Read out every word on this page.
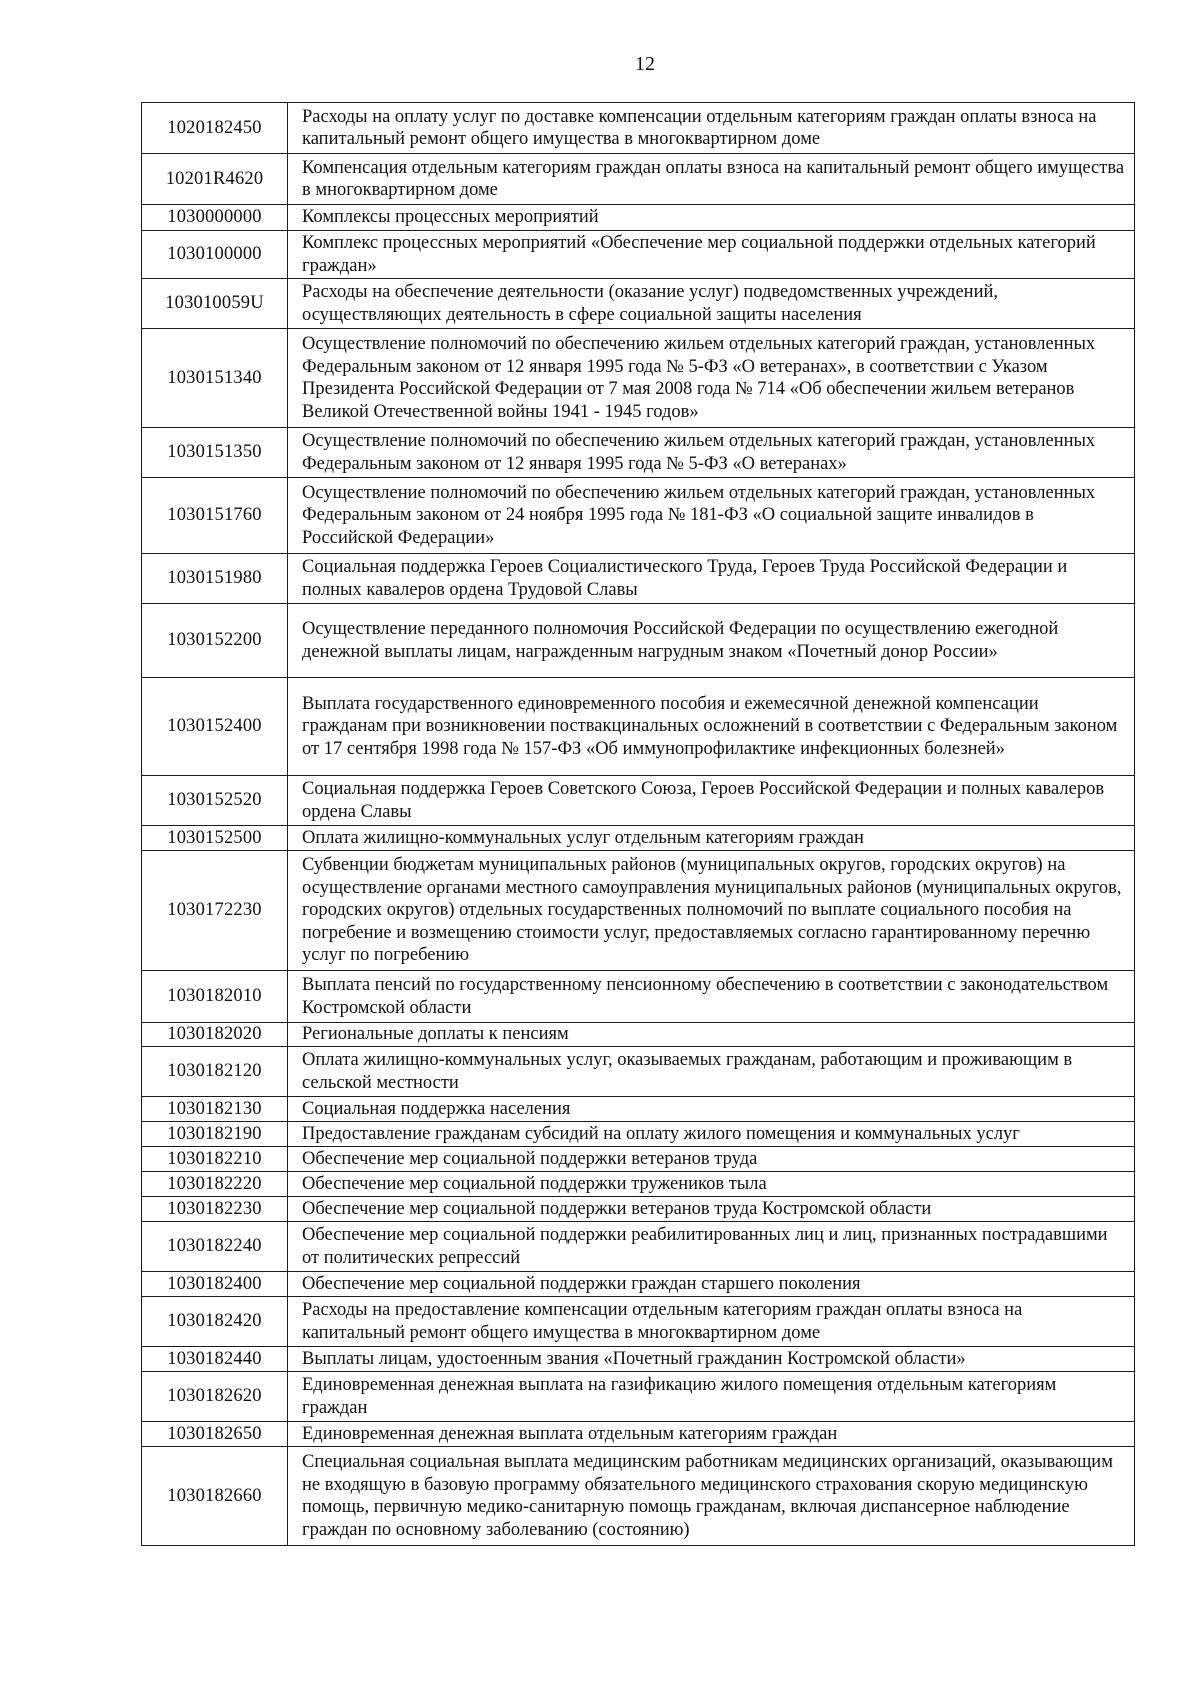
12
1020182450	Расходы на оплату услуг по доставке компенсации отдельным категориям граждан оплаты взноса на капитальный ремонт общего имущества в многоквартирном доме
10201R4620	Компенсация отдельным категориям граждан оплаты взноса на капитальный ремонт общего имущества в многоквартирном доме
1030000000	Комплексы процессных мероприятий
1030100000	Комплекс процессных мероприятий «Обеспечение мер социальной поддержки отдельных категорий граждан»
103010059U	Расходы на обеспечение деятельности (оказание услуг) подведомственных учреждений, осуществляющих деятельность в сфере социальной защиты населения
1030151340	Осуществление полномочий по обеспечению жильем отдельных категорий граждан, установленных Федеральным законом от 12 января 1995 года № 5-ФЗ «О ветеранах», в соответствии с Указом Президента Российской Федерации от 7 мая 2008 года № 714 «Об обеспечении жильем ветеранов Великой Отечественной войны 1941 - 1945 годов»
1030151350	Осуществление полномочий по обеспечению жильем отдельных категорий граждан, установленных Федеральным законом от 12 января 1995 года № 5-ФЗ «О ветеранах»
1030151760	Осуществление полномочий по обеспечению жильем отдельных категорий граждан, установленных Федеральным законом от 24 ноября 1995 года № 181-ФЗ «О социальной защите инвалидов в Российской Федерации»
1030151980	Социальная поддержка Героев Социалистического Труда, Героев Труда Российской Федерации и полных кавалеров ордена Трудовой Славы
1030152200	Осуществление переданного полномочия Российской Федерации по осуществлению ежегодной денежной выплаты лицам, награжденным нагрудным знаком «Почетный донор России»
1030152400	Выплата государственного единовременного пособия и ежемесячной денежной компенсации гражданам при возникновении поствакцинальных осложнений в соответствии с Федеральным законом от 17 сентября 1998 года № 157-ФЗ «Об иммунопрофилактике инфекционных болезней»
1030152520	Социальная поддержка Героев Советского Союза, Героев Российской Федерации и полных кавалеров ордена Славы
1030152500	Оплата жилищно-коммунальных услуг отдельным категориям граждан
1030172230	Субвенции бюджетам муниципальных районов (муниципальных округов, городских округов) на осуществление органами местного самоуправления муниципальных районов (муниципальных округов, городских округов) отдельных государственных полномочий по выплате социального пособия на погребение и возмещению стоимости услуг, предоставляемых согласно гарантированному перечню услуг по погребению
1030182010	Выплата пенсий по государственному пенсионному обеспечению в соответствии с законодательством Костромской области
1030182020	Региональные доплаты к пенсиям
1030182120	Оплата жилищно-коммунальных услуг, оказываемых гражданам, работающим и проживающим в сельской местности
1030182130	Социальная поддержка населения
1030182190	Предоставление гражданам субсидий на оплату жилого помещения и коммунальных услуг
1030182210	Обеспечение мер социальной поддержки ветеранов труда
1030182220	Обеспечение мер социальной поддержки тружеников тыла
1030182230	Обеспечение мер социальной поддержки ветеранов труда Костромской области
1030182240	Обеспечение мер социальной поддержки реабилитированных лиц и лиц, признанных пострадавшими от политических репрессий
1030182400	Обеспечение мер социальной поддержки граждан старшего поколения
1030182420	Расходы на предоставление компенсации отдельным категориям граждан оплаты взноса на капитальный ремонт общего имущества в многоквартирном доме
1030182440	Выплаты лицам, удостоенным звания «Почетный гражданин Костромской области»
1030182620	Единовременная денежная выплата на газификацию жилого помещения отдельным категориям граждан
1030182650	Единовременная денежная выплата отдельным категориям граждан
1030182660	Специальная социальная выплата медицинским работникам медицинских организаций, оказывающим не входящую в базовую программу обязательного медицинского страхования скорую медицинскую помощь, первичную медико-санитарную помощь гражданам, включая диспансерное наблюдение граждан по основному заболеванию (состоянию)
